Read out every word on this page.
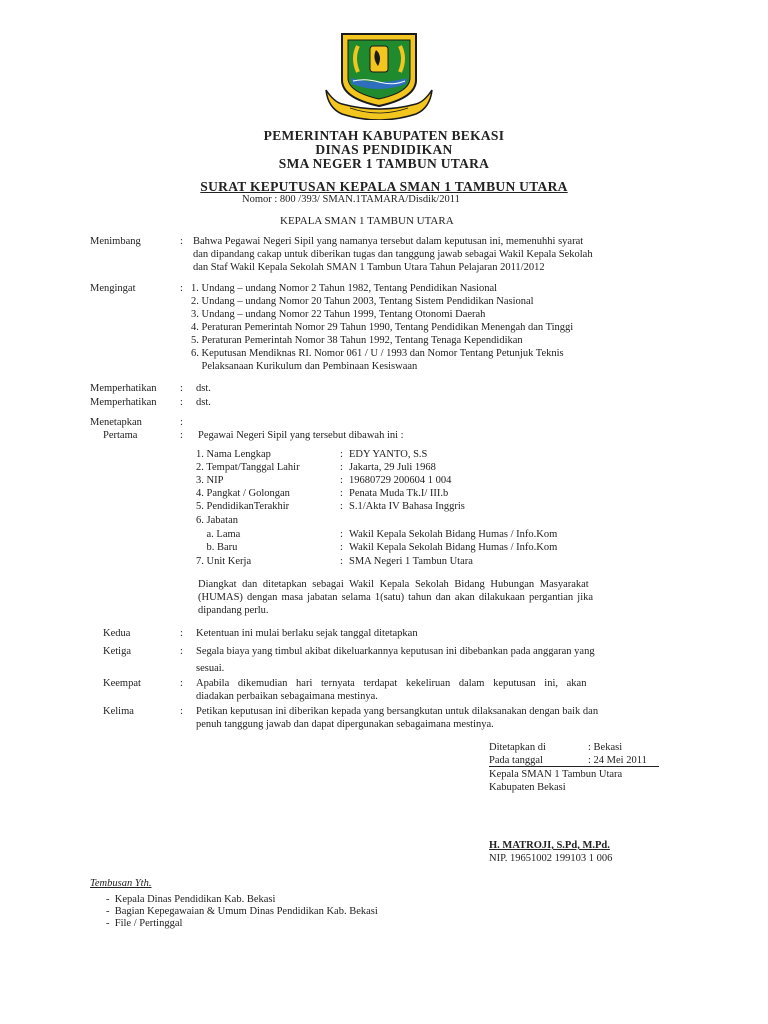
PEMERINTAH KABUPATEN BEKASI
DINAS PENDIDIKAN
SMA NEGER 1 TAMBUN UTARA
SURAT KEPUTUSAN KEPALA SMAN 1 TAMBUN UTARA
Nomor : 800 /393/ SMAN.1TAMARA/Disdik/2011
KEPALA SMAN 1 TAMBUN UTARA
Menimbang	: Bahwa Pegawai Negeri Sipil yang namanya tersebut dalam keputusan ini, memenuhhi syarat
dan dipandang cakap untuk diberikan tugas dan tanggung jawab sebagai Wakil Kepala Sekolah
dan Staf Wakil Kepala Sekolah SMAN 1 Tambun Utara Tahun Pelajaran 2011/2012
Mengingat	: 1. Undang – undang Nomor 2 Tahun 1982, Tentang Pendidikan Nasional
2. Undang – undang Nomor 20 Tahun 2003, Tentang Sistem Pendidikan Nasional
3. Undang – undang Nomor 22 Tahun 1999, Tentang Otonomi Daerah
4. Peraturan Pemerintah Nomor 29 Tahun 1990, Tentang Pendidikan Menengah dan Tinggi
5. Peraturan Pemerintah Nomor 38 Tahun 1992, Tentang Tenaga Kependidikan
6. Keputusan Mendiknas RI. Nomor 061 / U / 1993 dan Nomor Tentang Petunjuk Teknis
Pelaksanaan Kurikulum dan Pembinaan Kesiswaan
Memperhatikan : dst.
Memperhatikan : dst.
Menetapkan	:
Pertama	: Pegawai Negeri Sipil yang tersebut dibawah ini :
1. Nama Lengkap	: EDY YANTO, S.S
2. Tempat/Tanggal Lahir	: Jakarta, 29 Juli 1968
3. NIP	: 19680729 200604 1 004
4. Pangkat / Golongan	: Penata Muda Tk.I/ III.b
5. PendidikanTerakhir	: S.1/Akta IV Bahasa Inggris
6. Jabatan
a. Lama	: Wakil Kepala Sekolah Bidang Humas / Info.Kom
b. Baru	: Wakil Kepala Sekolah Bidang Humas / Info.Kom
7. Unit Kerja	: SMA Negeri 1 Tambun Utara
Diangkat dan ditetapkan sebagai Wakil Kepala Sekolah Bidang Hubungan Masyarakat
(HUMAS) dengan masa jabatan selama 1(satu) tahun dan akan dilakukaan pergantian jika
dipandang perlu.
Kedua	: Ketentuan ini mulai berlaku sejak tanggal ditetapkan
Ketiga	: Segala biaya yang timbul akibat dikeluarkannya keputusan ini dibebankan pada anggaran yang
sesuai.
Keempat	: Apabila dikemudian hari ternyata terdapat kekeliruan dalam keputusan ini, akan
diadakan perbaikan sebagaimana mestinya.
Kelima	: Petikan keputusan ini diberikan kepada yang bersangkutan untuk dilaksanakan dengan baik dan
penuh tanggung jawab dan dapat dipergunakan sebagaimana mestinya.
Ditetapkan di	: Bekasi
Pada tanggal	: 24 Mei 2011
Kepala SMAN 1 Tambun Utara
Kabupaten Bekasi
H. MATROJI, S.Pd, M.Pd.
NIP. 19651002 199103 1 006
Tembusan Yth.
-  Kepala Dinas Pendidikan Kab. Bekasi
-  Bagian Kepegawaian & Umum Dinas Pendidikan Kab. Bekasi
-  File / Pertinggal
